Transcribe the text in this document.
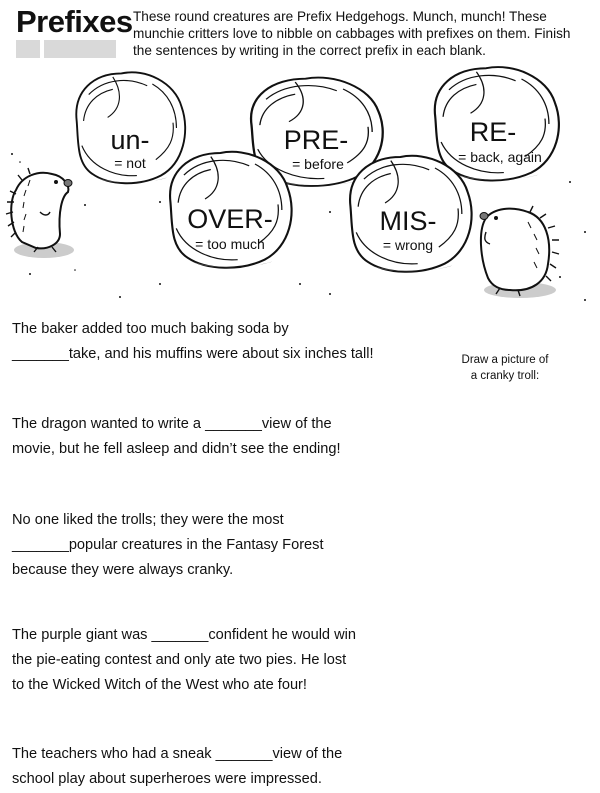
Prefixes These round creatures are Prefix Hedgehogs. Munch, munch! These munchie critters love to nibble on cabbages with prefixes on them. Finish the sentences by writing in the correct prefix in each blank.
un-
= not
PRE-
= before
RE-
= back, again
OVER-
= too much
MIS-
= wrong
The baker added too much baking soda by
_______take, and his muffins were about six inches tall!	Draw a picture of
a cranky troll:
The dragon wanted to write a _______view of the
movie, but he fell asleep and didn’t see the ending!
No one liked the trolls; they were the most
_______popular creatures in the Fantasy Forest
because they were always cranky.
The purple giant was _______confident he would win
the pie-eating contest and only ate two pies. He lost
to the Wicked Witch of the West who ate four!
The teachers who had a sneak _______view of the
school play about superheroes were impressed.
